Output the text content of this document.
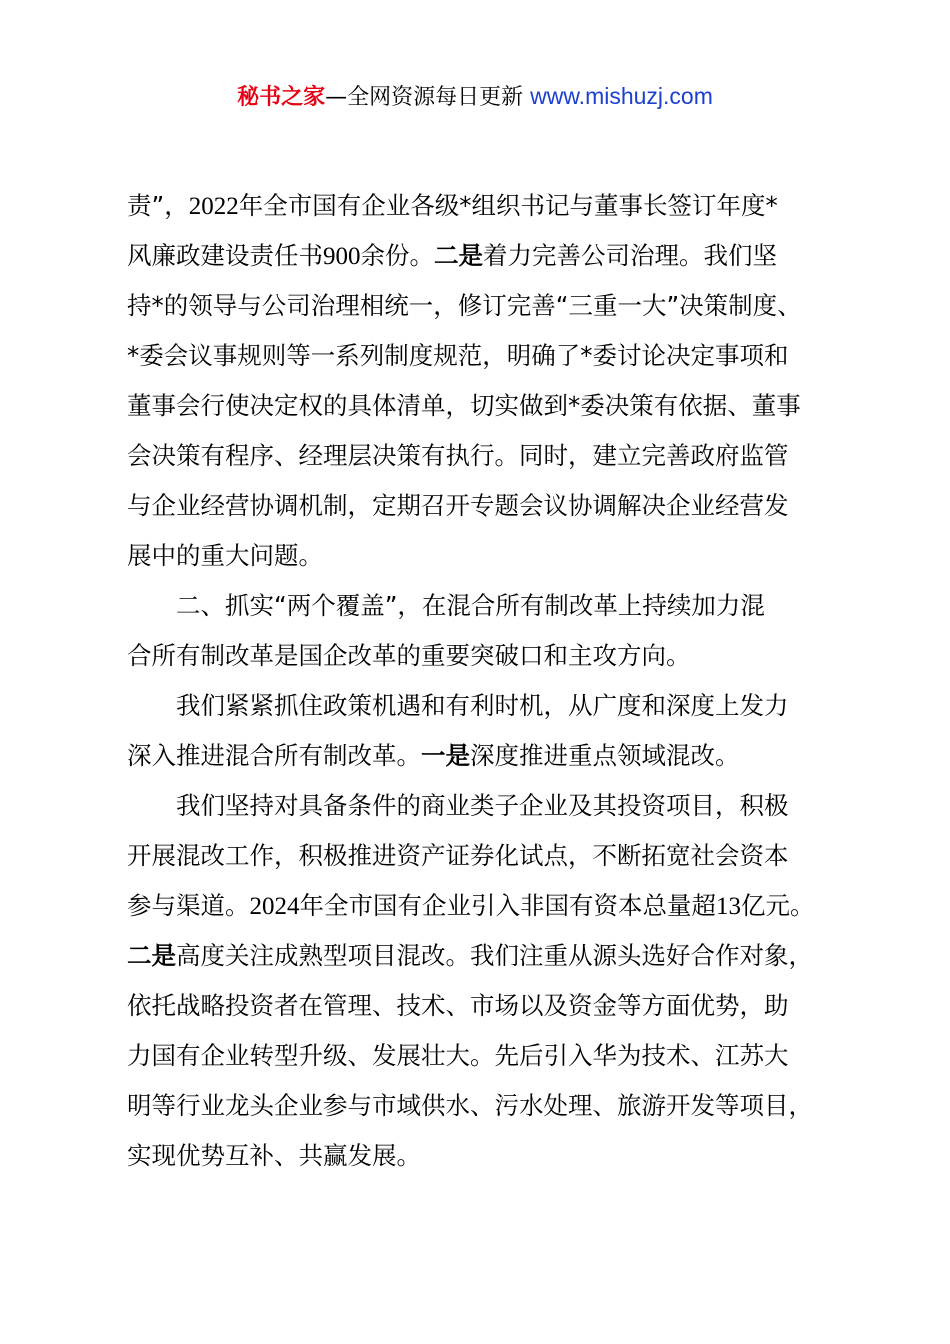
秘书之家—全网资源每日更新 www.mishuzj.com
责”，2022年全市国有企业各级*组织书记与董事长签订年度*
风廉政建设责任书900余份。二是着力完善公司治理。我们坚
持*的领导与公司治理相统一，修订完善“三重一大”决策制度、
*委会议事规则等一系列制度规范，明确了*委讨论决定事项和
董事会行使决定权的具体清单，切实做到*委决策有依据、董事
会决策有程序、经理层决策有执行。同时，建立完善政府监管
与企业经营协调机制，定期召开专题会议协调解决企业经营发
展中的重大问题。
二、抓实“两个覆盖”，在混合所有制改革上持续加力混
合所有制改革是国企改革的重要突破口和主攻方向。
我们紧紧抓住政策机遇和有利时机，从广度和深度上发力
深入推进混合所有制改革。一是深度推进重点领域混改。
我们坚持对具备条件的商业类子企业及其投资项目，积极
开展混改工作，积极推进资产证券化试点，不断拓宽社会资本
参与渠道。2024年全市国有企业引入非国有资本总量超13亿元。
二是高度关注成熟型项目混改。我们注重从源头选好合作对象，
依托战略投资者在管理、技术、市场以及资金等方面优势，助
力国有企业转型升级、发展壮大。先后引入华为技术、江苏大
明等行业龙头企业参与市域供水、污水处理、旅游开发等项目，
实现优势互补、共赢发展。
